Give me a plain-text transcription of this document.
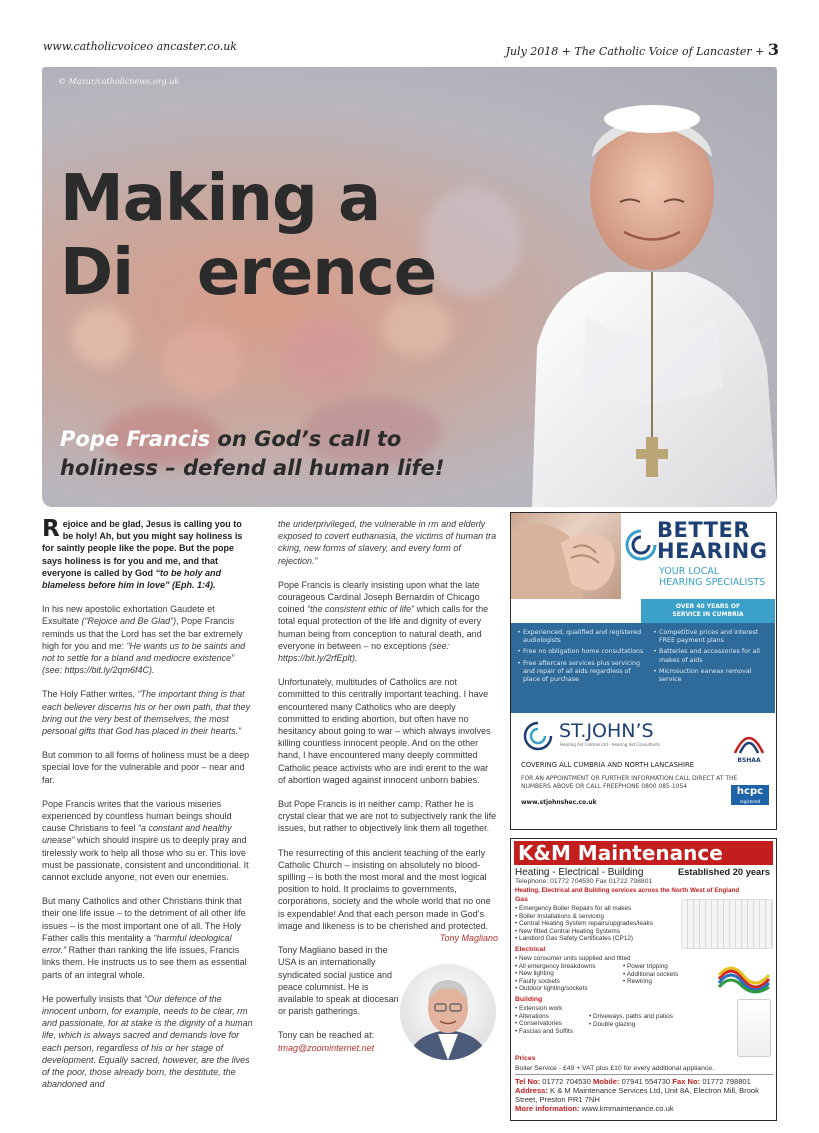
www.catholicvoiceo ancaster.co.uk	July 2018 + The Catholic Voice of Lancaster + 3
© Mazur/catholicnews.org.uk
Making a
Di   erence
Pope Francis on God’s call to
holiness – defend all human life!

Rejoice and be glad, Jesus is calling you to be holy! Ah, but you might say holiness is for saintly people like the pope. But the pope says holiness is for you and me, and that everyone is called by God “to be holy and blameless before him in love” (Eph. 1:4).

In his new apostolic exhortation Gaudete et Exsultate (“Rejoice and Be Glad”), Pope Francis reminds us that the Lord has set the bar extremely high for you and me: “He wants us to be saints and not to settle for a bland and mediocre existence” (see: https://bit.ly/2qm6f4C).

The Holy Father writes, “The important thing is that each believer discerns his or her own path, that they bring out the very best of themselves, the most personal gifts that God has placed in their hearts.”

But common to all forms of holiness must be a deep special love for the vulnerable and poor – near and far.

Pope Francis writes that the various miseries experienced by countless human beings should cause Christians to feel “a constant and healthy unease” which should inspire us to deeply pray and tirelessly work to help all those who su er. This love must be passionate, consistent and unconditional. It cannot exclude anyone, not even our enemies.

But many Catholics and other Christians think that their one life issue – to the detriment of all other life issues – is the most important one of all. The Holy Father calls this mentality a “harmful ideological error.” Rather than ranking the life issues, Francis links them. He instructs us to see them as essential parts of an integral whole.

He powerfully insists that “Our defence of the innocent unborn, for example, needs to be clear, rm and passionate, for at stake is the dignity of a human life, which is always sacred and demands love for each person, regardless of his or her stage of development. Equally sacred, however, are the lives of the poor, those already born, the destitute, the abandoned and

the underprivileged, the vulnerable in rm and elderly exposed to covert euthanasia, the victims of human tra cking, new forms of slavery, and every form of rejection.”

Pope Francis is clearly insisting upon what the late courageous Cardinal Joseph Bernardin of Chicago coined “the consistent ethic of life” which calls for the total equal protection of the life and dignity of every human being from conception to natural death, and everyone in between – no exceptions (see: https://bit.ly/2rfEplt).

Unfortunately, multitudes of Catholics are not committed to this centrally important teaching. I have encountered many Catholics who are deeply committed to ending abortion, but often have no hesitancy about going to war – which always involves killing countless innocent people. And on the other hand, I have encountered many deeply committed Catholic peace activists who are indi erent to the war of abortion waged against innocent unborn babies.

But Pope Francis is in neither camp. Rather he is crystal clear that we are not to subjectively rank the life issues, but rather to objectively link them all together.

The resurrecting of this ancient teaching of the early Catholic Church – insisting on absolutely no blood-spilling – is both the most moral and the most logical position to hold. It proclaims to governments, corporations, society and the whole world that no one is expendable! And that each person made in God’s image and likeness is to be cherished and protected.
Tony Magliano

Tony Magliano based in the USA is an internationally syndicated social justice and peace columnist. He is available to speak at diocesan or parish gatherings.

Tony can be reached at:

tmag@zoominternet.net

BETTER
HEARING
YOUR LOCAL
HEARING SPECIALISTS
OVER 40 YEARS OF
SERVICE IN CUMBRIA
• Experienced, qualified and registered audiologists
• Free no obligation home consultations
• Free aftercare services plus servicing and repair of all aids regardless of place of purchase
• Competitive prices and interest FREE payment plans
• Batteries and accessories for all makes of aids
• Microsuction earwax removal service
ST.JOHN’S
Hearing Aid Centres Ltd · Hearing Aid Consultants
COVERING ALL CUMBRIA AND NORTH LANCASHIRE
FOR AN APPOINTMENT OR FURTHER INFORMATION CALL DIRECT AT THE NUMBERS ABOVE OR CALL FREEPHONE 0800 085 1054
www.stjohnshec.co.uk
BSHAA
hcpc
registered
K&M Maintenance
Heating - Electrical - Building	Established 20 years
Telephone: 01772 704530 Fax 01722 798801
Heating, Electrical and Building services across the North West of England
Gas
• Emergency Boiler Repairs for all makes
• Boiler Installations & servicing
• Central Heating System repairs/upgrades/leaks
• New fitted Central Heating Systems
• Landlord Gas Safety Certificates (CP12)
Electrical
• New consumer units supplied and fitted
• All emergency breakdowns
• New lighting
• Faulty sockets
• Outdoor lighting/sockets
• Power tripping
• Additional sockets
• Rewiring
Building
• Extension work
• Alterations
• Conservatories
• Fascias and Soffits
• Driveways, paths and patios
• Double glazing
Prices
Boiler Service - £49 + VAT plus £10 for every additional appliance.
Tel No: 01772 704530 Mobile: 07941 554730 Fax No: 01772 798801
Address: K & M Maintenance Services Ltd, Unit 8A, Electron Mill, Brook Street, Preston PR1 7NH
More information: www.kmmaintenance.co.uk
